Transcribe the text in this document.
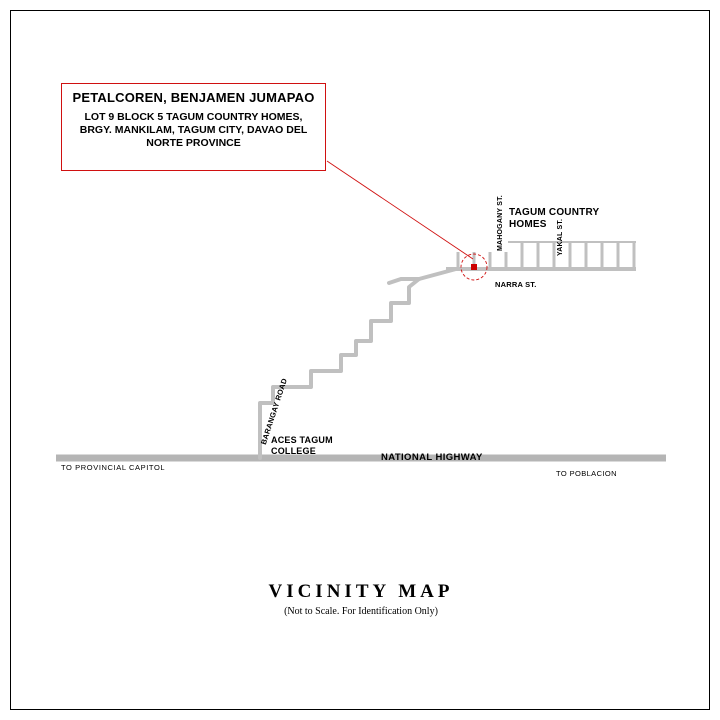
PETALCOREN, BENJAMEN JUMAPAO
LOT 9 BLOCK 5 TAGUM COUNTRY HOMES, BRGY. MANKILAM, TAGUM CITY, DAVAO DEL NORTE PROVINCE
TAGUM COUNTRY HOMES
NARRA ST.
MAHOGANY ST.	YAKAL ST.
BARANGAY ROAD
ACES TAGUM COLLEGE
NATIONAL HIGHWAY
TO PROVINCIAL CAPITOL
TO POBLACION
VICINITY MAP
(Not to Scale. For Identification Only)
